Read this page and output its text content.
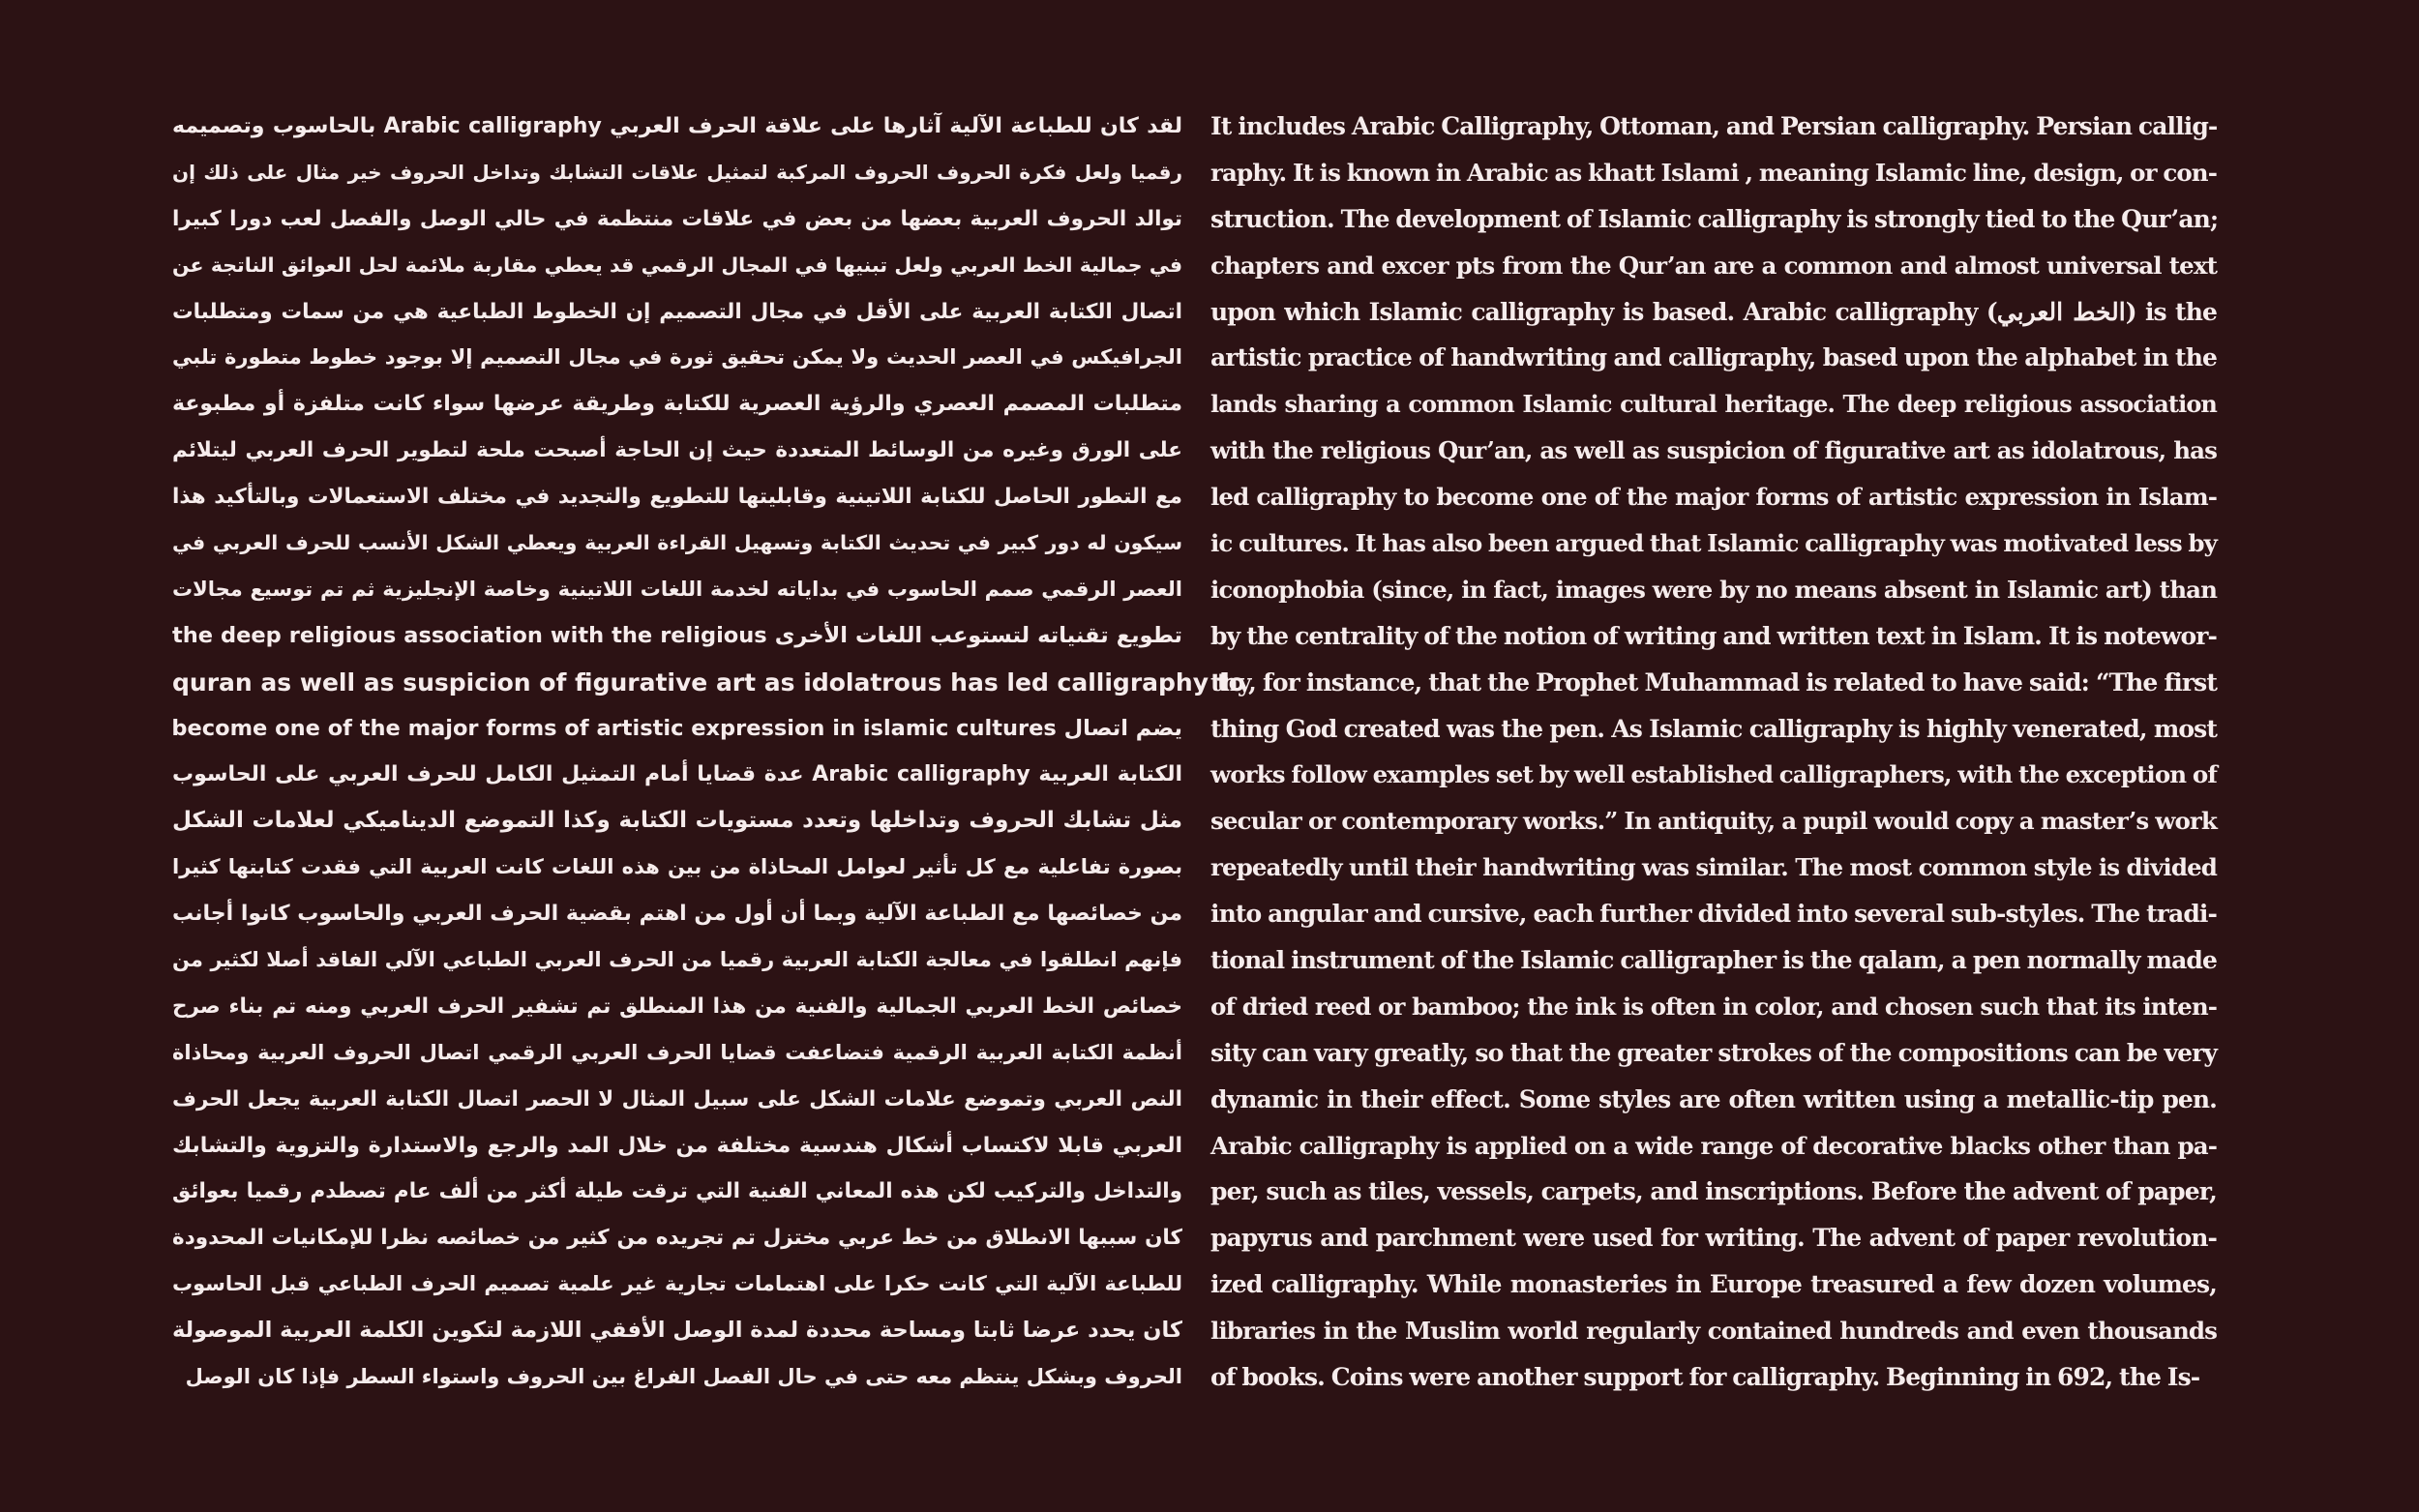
لقد كان للطباعة الآلية آثارها على علاقة الحرف العربي Arabic calligraphy بالحاسوب وتصميمه
رقميا ولعل فكرة الحروف الحروف المركبة لتمثيل علاقات التشابك وتداخل الحروف خير مثال على ذلك إن
توالد الحروف العربية بعضها من بعض في علاقات منتظمة في حالي الوصل والفصل لعب دورا كبيرا
في جمالية الخط العربي ولعل تبنيها في المجال الرقمي قد يعطي مقاربة ملائمة لحل العوائق الناتجة عن
اتصال الكتابة العربية على الأقل في مجال التصميم إن الخطوط الطباعية هي من سمات ومتطلبات
الجرافيكس في العصر الحديث ولا يمكن تحقيق ثورة في مجال التصميم إلا بوجود خطوط متطورة تلبي
متطلبات المصمم العصري والرؤية العصرية للكتابة وطريقة عرضها سواء كانت متلفزة أو مطبوعة
على الورق وغيره من الوسائط المتعددة حيث إن الحاجة أصبحت ملحة لتطوير الحرف العربي ليتلائم
مع التطور الحاصل للكتابة اللاتينية وقابليتها للتطويع والتجديد في مختلف الاستعمالات وبالتأكيد هذا
سيكون له دور كبير في تحديث الكتابة وتسهيل القراءة العربية ويعطي الشكل الأنسب للحرف العربي في
العصر الرقمي صمم الحاسوب في بداياته لخدمة اللغات اللاتينية وخاصة الإنجليزية ثم تم توسيع مجالات
تطويع تقنياته لتستوعب اللغات الأخرى the deep religious association with the religious
quran as well as suspicion of figurative art as idolatrous has led calligraphy to
يضم اتصال become one of the major forms of artistic expression in islamic cultures
الكتابة العربية Arabic calligraphy عدة قضايا أمام التمثيل الكامل للحرف العربي على الحاسوب
مثل تشابك الحروف وتداخلها وتعدد مستويات الكتابة وكذا التموضع الديناميكي لعلامات الشكل
بصورة تفاعلية مع كل تأثير لعوامل المحاذاة من بين هذه اللغات كانت العربية التي فقدت كتابتها كثيرا
من خصائصها مع الطباعة الآلية وبما أن أول من اهتم بقضية الحرف العربي والحاسوب كانوا أجانب
فإنهم انطلقوا في معالجة الكتابة العربية رقميا من الحرف العربي الطباعي الآلي الفاقد أصلا لكثير من
خصائص الخط العربي الجمالية والفنية من هذا المنطلق تم تشفير الحرف العربي ومنه تم بناء صرح
أنظمة الكتابة العربية الرقمية فتضاعفت قضايا الحرف العربي الرقمي اتصال الحروف العربية ومحاذاة
النص العربي وتموضع علامات الشكل على سبيل المثال لا الحصر اتصال الكتابة العربية يجعل الحرف
العربي قابلا لاكتساب أشكال هندسية مختلفة من خلال المد والرجع والاستدارة والتزوية والتشابك
والتداخل والتركيب لكن هذه المعاني الفنية التي ترقت طيلة أكثر من ألف عام تصطدم رقميا بعوائق
كان سببها الانطلاق من خط عربي مختزل تم تجريده من كثير من خصائصه نظرا للإمكانيات المحدودة
للطباعة الآلية التي كانت حكرا على اهتمامات تجارية غير علمية تصميم الحرف الطباعي قبل الحاسوب
كان يحدد عرضا ثابتا ومساحة محددة لمدة الوصل الأفقي اللازمة لتكوين الكلمة العربية الموصولة
الحروف وبشكل ينتظم معه حتى في حال الفصل الفراغ بين الحروف واستواء السطر فإذا كان الوصل
It includes Arabic Calligraphy, Ottoman, and Persian calligraphy. Persian callig-
raphy. It is known in Arabic as khatt Islami , meaning Islamic line, design, or con-
struction. The development of Islamic calligraphy is strongly tied to the Qur’an;
chapters and excer pts from the Qur’an are a common and almost universal text
upon which Islamic calligraphy is based. Arabic calligraphy (الخط العربي) is the
artistic practice of handwriting and calligraphy, based upon the alphabet in the
lands sharing a common Islamic cultural heritage. The deep religious association
with the religious Qur’an, as well as suspicion of figurative art as idolatrous, has
led calligraphy to become one of the major forms of artistic expression in Islam-
ic cultures. It has also been argued that Islamic calligraphy was motivated less by
iconophobia (since, in fact, images were by no means absent in Islamic art) than
by the centrality of the notion of writing and written text in Islam. It is notewor-
thy, for instance, that the Prophet Muhammad is related to have said: “The first
thing God created was the pen. As Islamic calligraphy is highly venerated, most
works follow examples set by well established calligraphers, with the exception of
secular or contemporary works.” In antiquity, a pupil would copy a master’s work
repeatedly until their handwriting was similar. The most common style is divided
into angular and cursive, each further divided into several sub-styles. The tradi-
tional instrument of the Islamic calligrapher is the qalam, a pen normally made
of dried reed or bamboo; the ink is often in color, and chosen such that its inten-
sity can vary greatly, so that the greater strokes of the compositions can be very
dynamic in their effect. Some styles are often written using a metallic-tip pen.
Arabic calligraphy is applied on a wide range of decorative blacks other than pa-
per, such as tiles, vessels, carpets, and inscriptions. Before the advent of paper,
papyrus and parchment were used for writing. The advent of paper revolution-
ized calligraphy. While monasteries in Europe treasured a few dozen volumes,
libraries in the Muslim world regularly contained hundreds and even thousands
of books. Coins were another support for calligraphy. Beginning in 692, the Is-
